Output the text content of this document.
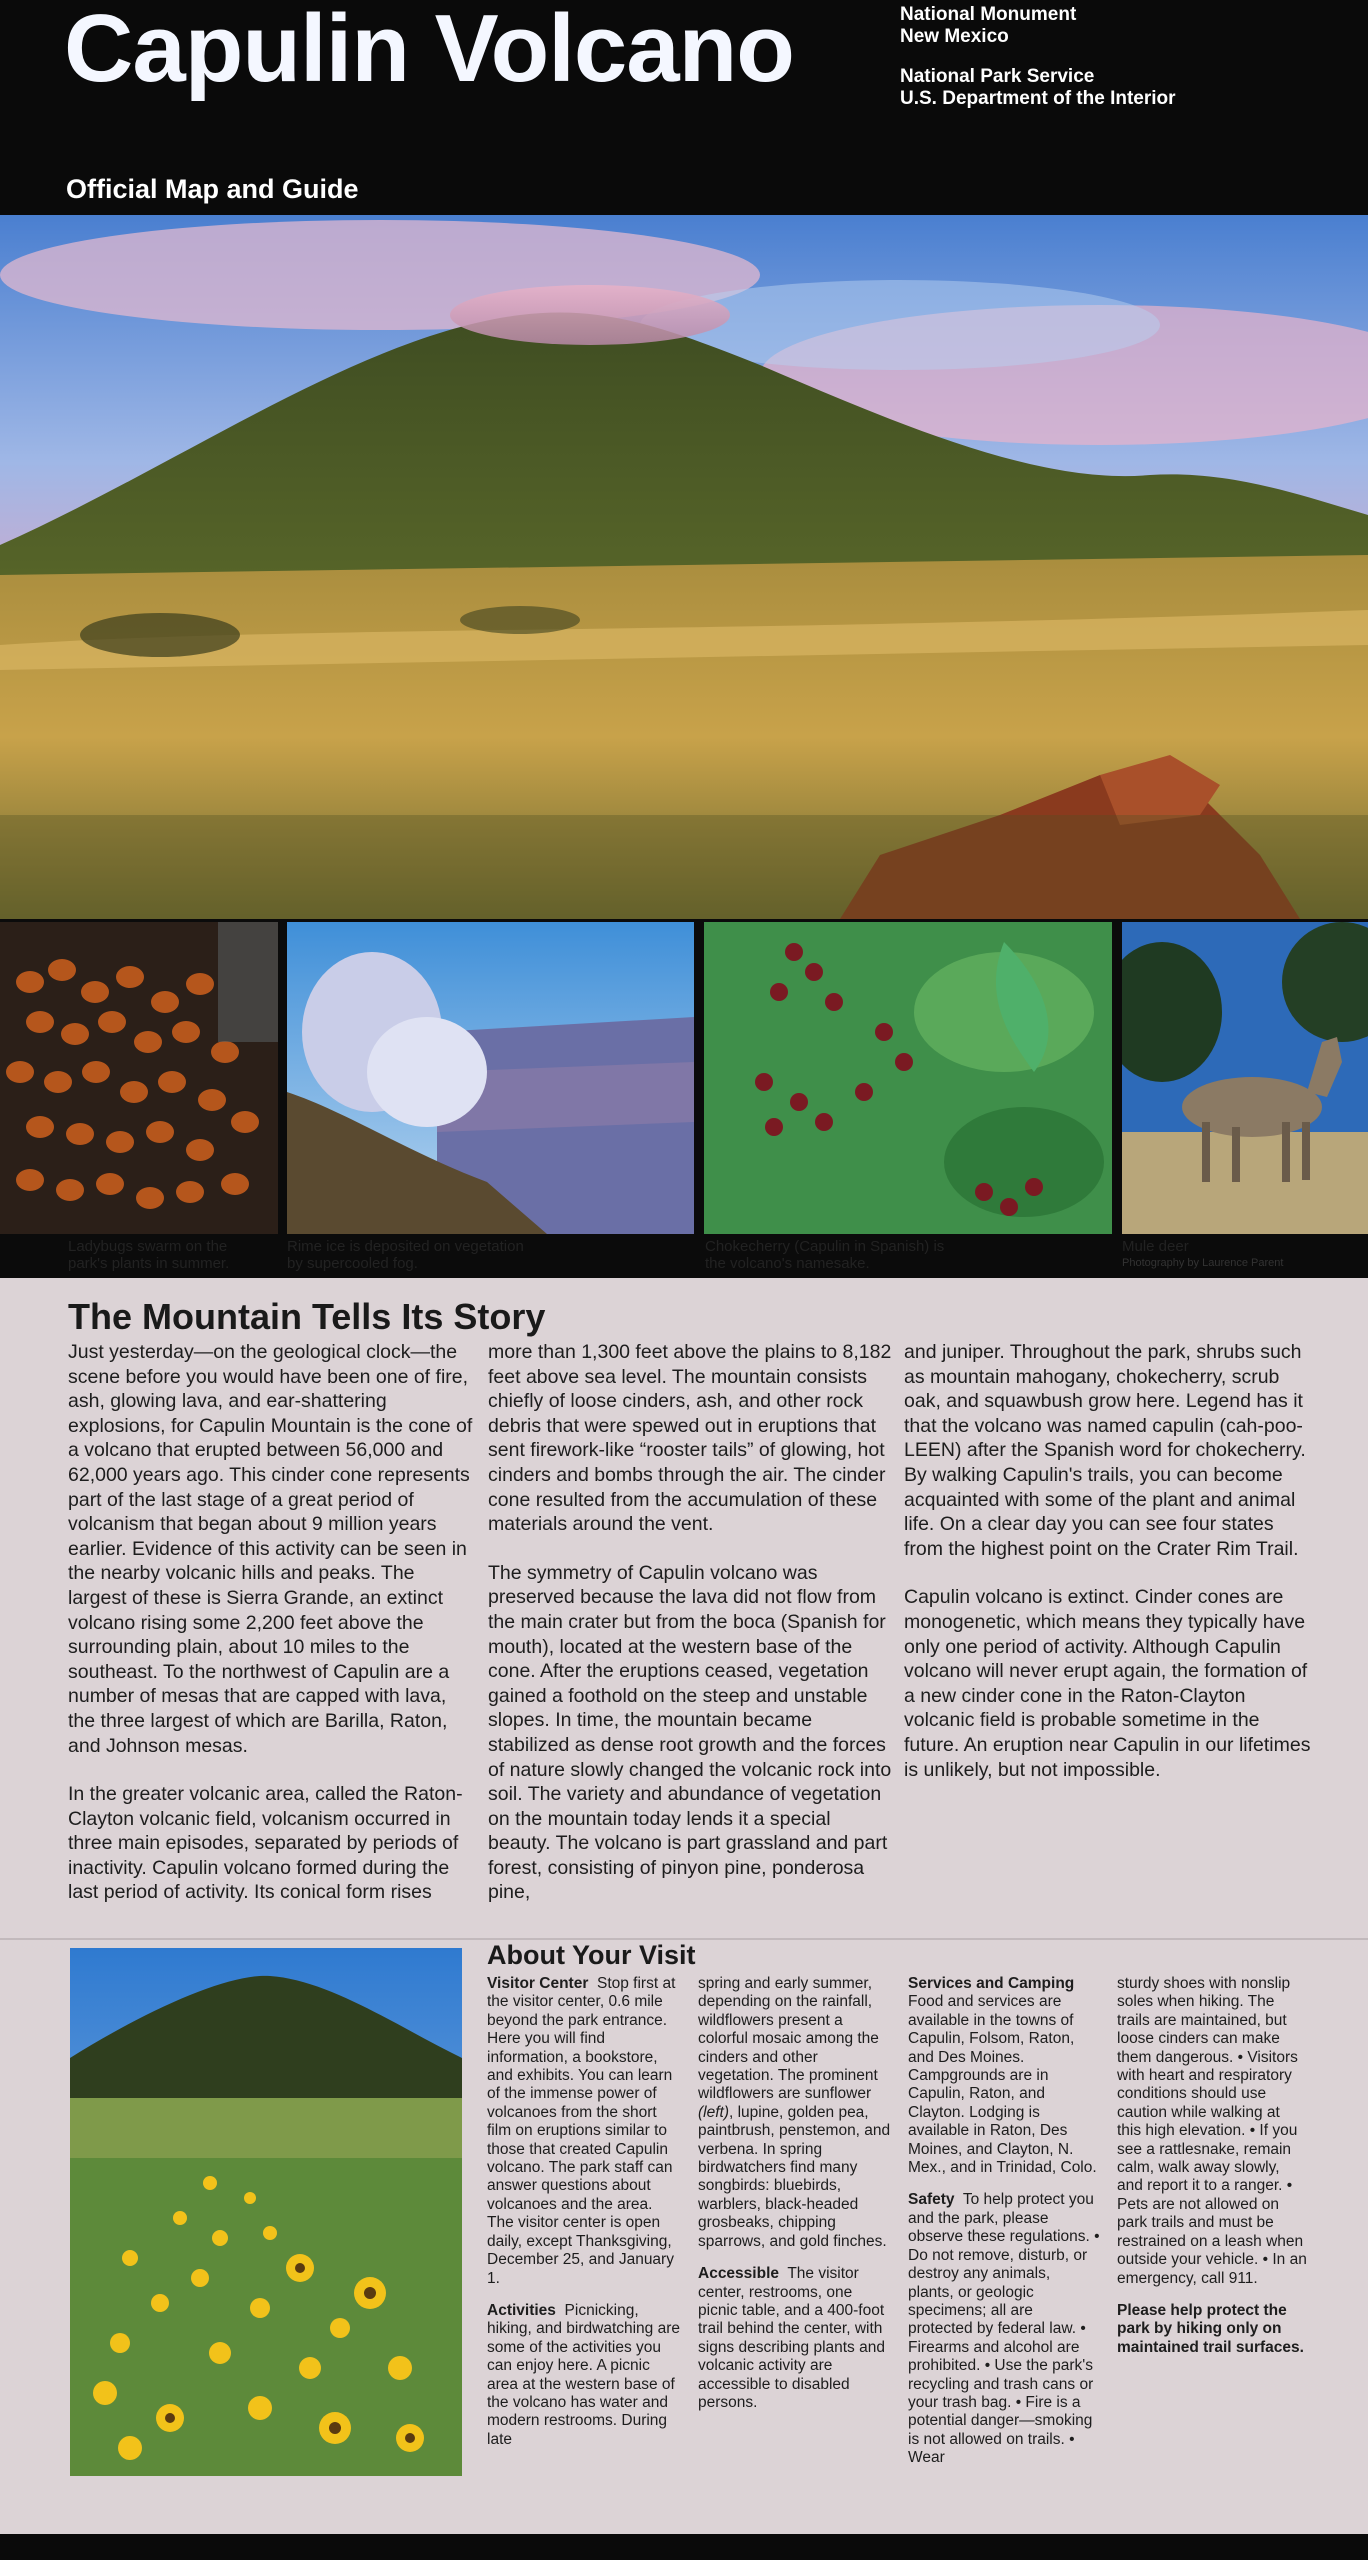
Capulin Volcano
Official Map and Guide
National Monument
New Mexico
National Park Service
U.S. Department of the Interior
Ladybugs swarm on the
park's plants in summer.
Rime ice is deposited on vegetation
by supercooled fog.
Chokecherry (Capulin in Spanish) is
the volcano's namesake.
Mule deer
Photography by Laurence Parent
The Mountain Tells Its Story

Just yesterday—on the geological clock—the scene before you would have been one of fire, ash, glowing lava, and ear-shattering explosions, for Capulin Mountain is the cone of a volcano that erupted between 56,000 and 62,000 years ago. This cinder cone represents part of the last stage of a great period of volcanism that began about 9 million years earlier. Evidence of this activity can be seen in the nearby volcanic hills and peaks. The largest of these is Sierra Grande, an extinct volcano rising some 2,200 feet above the surrounding plain, about 10 miles to the southeast. To the northwest of Capulin are a number of mesas that are capped with lava, the three largest of which are Barilla, Raton, and Johnson mesas.

In the greater volcanic area, called the Raton-Clayton volcanic field, volcanism occurred in three main episodes, separated by periods of inactivity. Capulin volcano formed during the last period of activity. Its conical form rises

more than 1,300 feet above the plains to 8,182 feet above sea level. The mountain consists chiefly of loose cinders, ash, and other rock debris that were spewed out in eruptions that sent firework-like “rooster tails” of glowing, hot cinders and bombs through the air. The cinder cone resulted from the accumulation of these materials around the vent.

The symmetry of Capulin volcano was preserved because the lava did not flow from the main crater but from the boca (Spanish for mouth), located at the western base of the cone. After the eruptions ceased, vegetation gained a foothold on the steep and unstable slopes. In time, the mountain became stabilized as dense root growth and the forces of nature slowly changed the volcanic rock into soil. The variety and abundance of vegetation on the mountain today lends it a special beauty. The volcano is part grassland and part forest, consisting of pinyon pine, ponderosa pine,

and juniper. Throughout the park, shrubs such as mountain mahogany, chokecherry, scrub oak, and squawbush grow here. Legend has it that the volcano was named capulin (cah-poo-LEEN) after the Spanish word for chokecherry. By walking Capulin's trails, you can become acquainted with some of the plant and animal life. On a clear day you can see four states from the highest point on the Crater Rim Trail.

Capulin volcano is extinct. Cinder cones are monogenetic, which means they typically have only one period of activity. Although Capulin volcano will never erupt again, the formation of a new cinder cone in the Raton-Clayton volcanic field is probable sometime in the future. An eruption near Capulin in our lifetimes is unlikely, but not impossible.

About Your Visit

Visitor Center Stop first at the visitor center, 0.6 mile beyond the park entrance. Here you will find information, a bookstore, and exhibits. You can learn of the immense power of volcanoes from the short film on eruptions similar to those that created Capulin volcano. The park staff can answer questions about volcanoes and the area. The visitor center is open daily, except Thanksgiving, December 25, and January 1.

Activities Picnicking, hiking, and birdwatching are some of the activities you can enjoy here. A picnic area at the western base of the volcano has water and modern restrooms. During late

spring and early summer, depending on the rainfall, wildflowers present a colorful mosaic among the cinders and other vegetation. The prominent wildflowers are sunflower (left), lupine, golden pea, paintbrush, penstemon, and verbena. In spring birdwatchers find many songbirds: bluebirds, warblers, black-headed grosbeaks, chipping sparrows, and gold finches.

Accessible The visitor center, restrooms, one picnic table, and a 400-foot trail behind the center, with signs describing plants and volcanic activity are accessible to disabled persons.

Services and Camping
Food and services are available in the towns of Capulin, Folsom, Raton, and Des Moines. Campgrounds are in Capulin, Raton, and Clayton. Lodging is available in Raton, Des Moines, and Clayton, N. Mex., and in Trinidad, Colo.

Safety To help protect you and the park, please observe these regulations. • Do not remove, disturb, or destroy any animals, plants, or geologic specimens; all are protected by federal law. • Firearms and alcohol are prohibited. • Use the park's recycling and trash cans or your trash bag. • Fire is a potential danger—smoking is not allowed on trails. • Wear

sturdy shoes with nonslip soles when hiking. The trails are maintained, but loose cinders can make them dangerous. • Visitors with heart and respiratory conditions should use caution while walking at this high elevation. • If you see a rattlesnake, remain calm, walk away slowly, and report it to a ranger. • Pets are not allowed on park trails and must be restrained on a leash when outside your vehicle. • In an emergency, call 911.

Please help protect the park by hiking only on maintained trail surfaces.
